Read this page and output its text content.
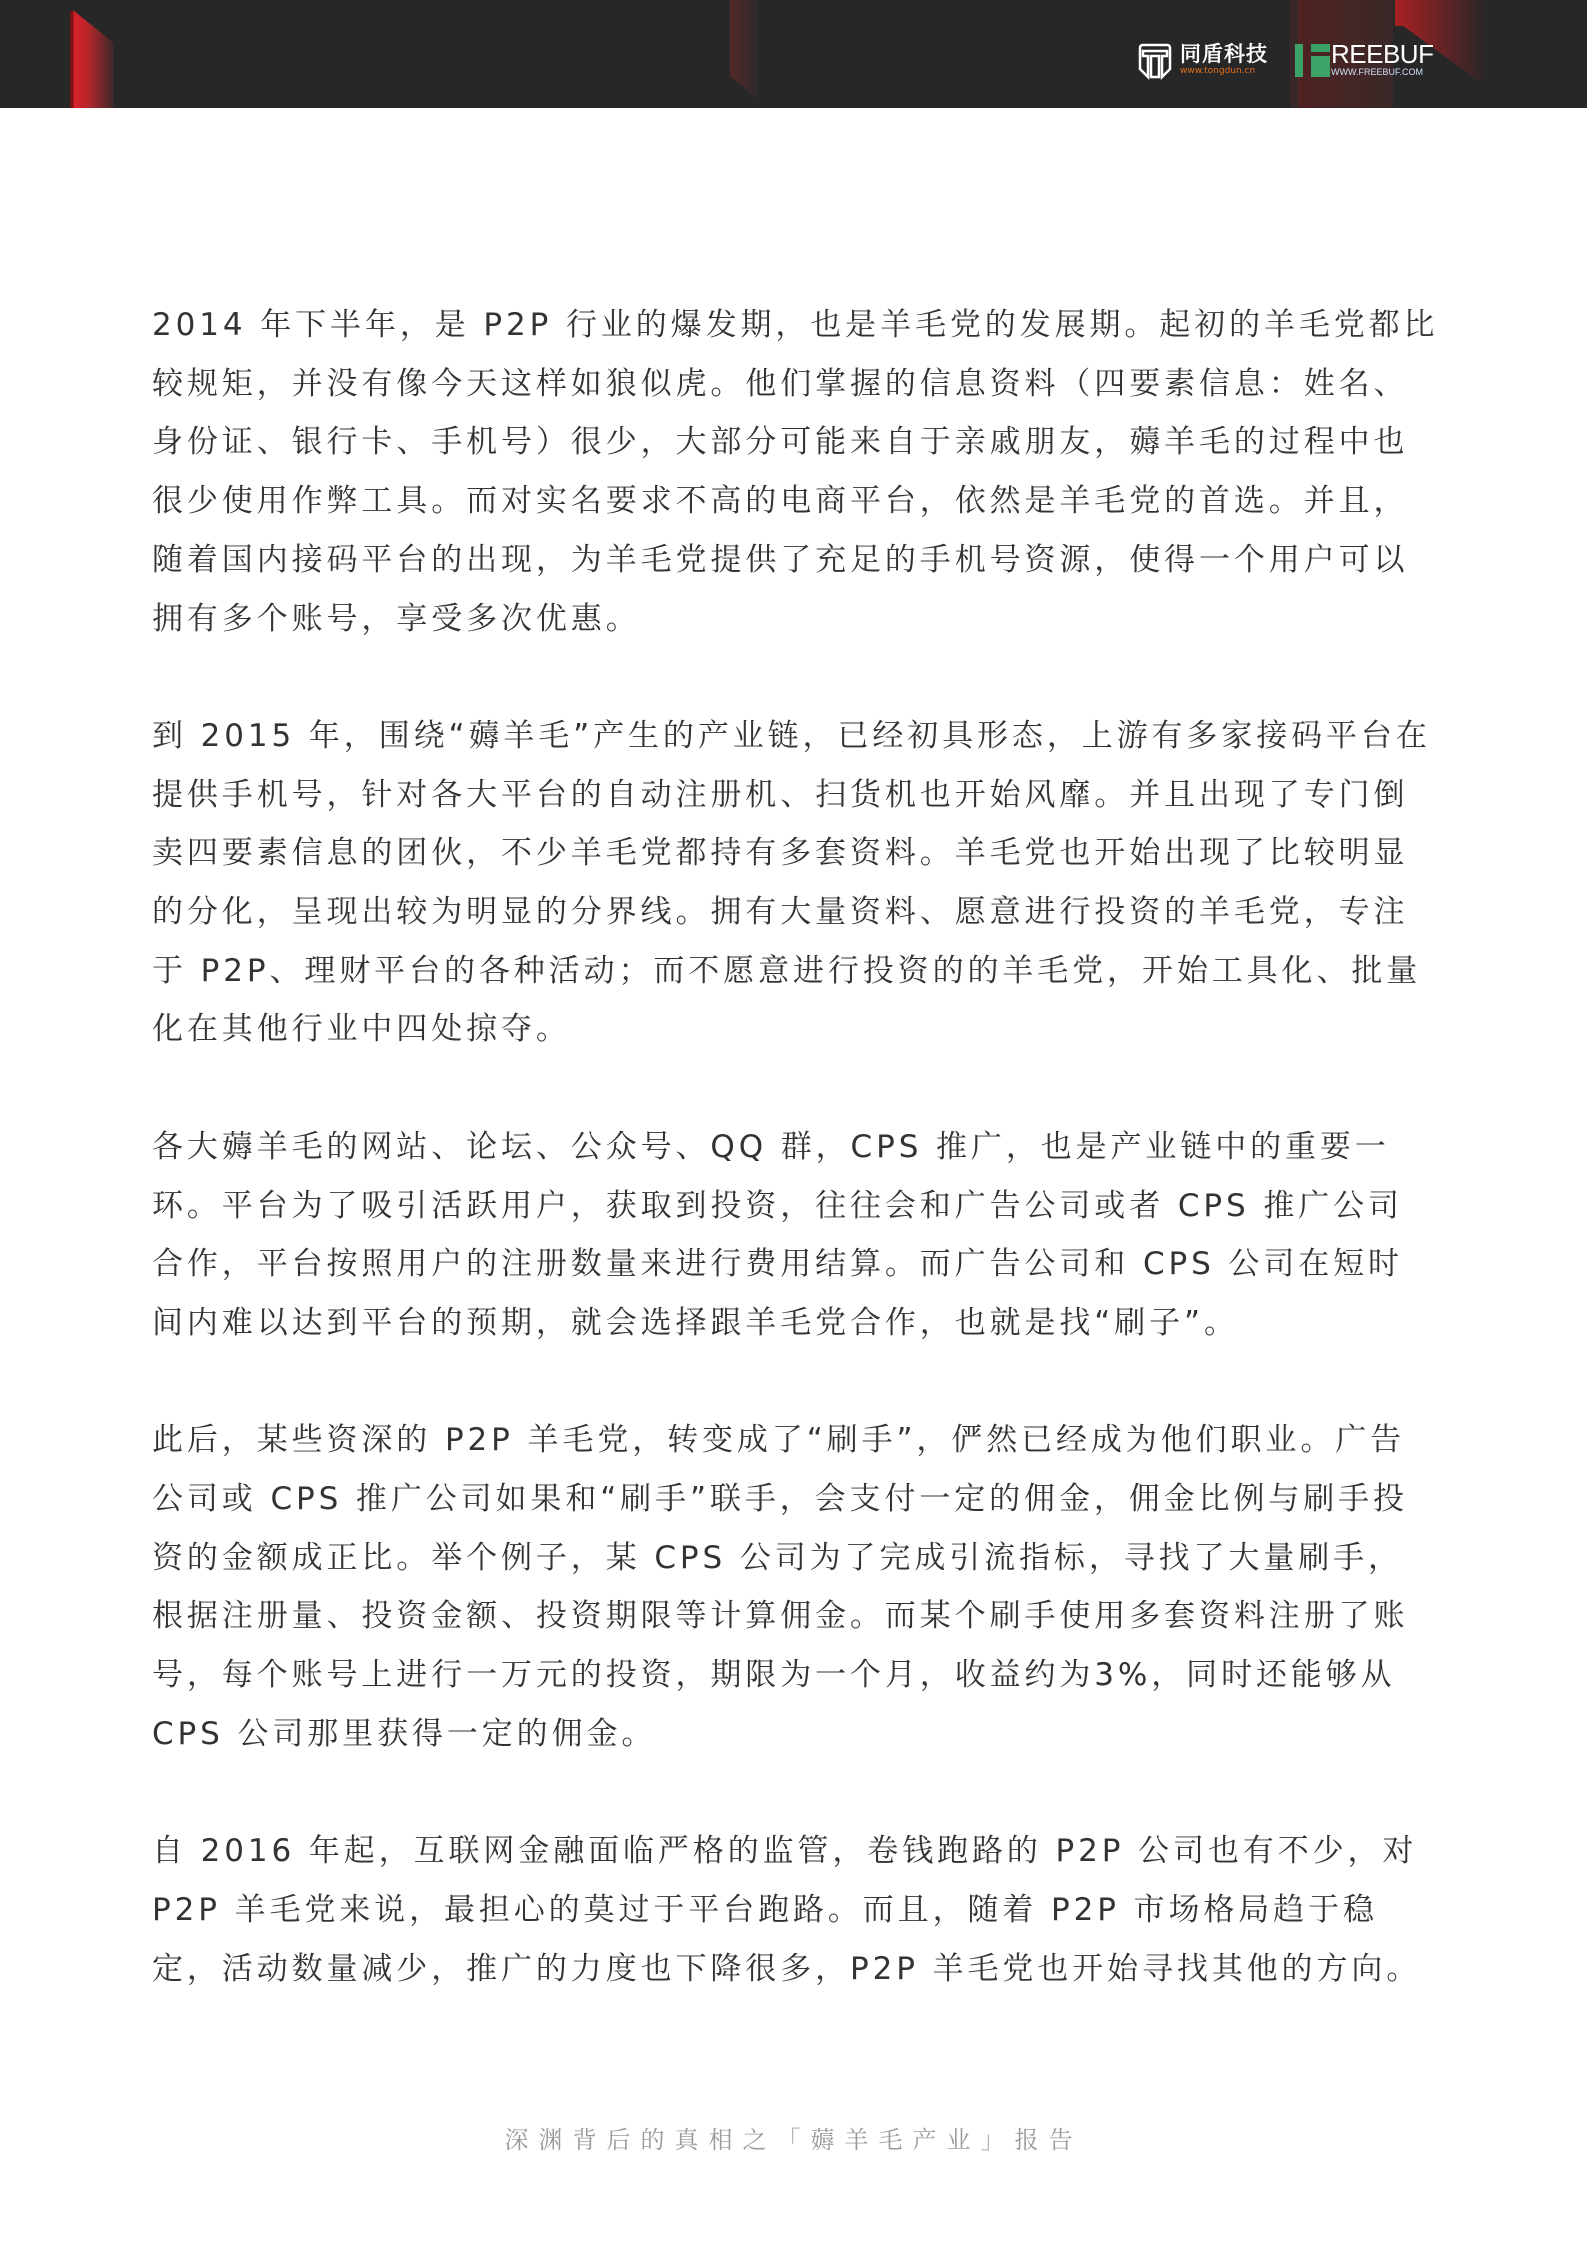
同盾科技
www.tongdun.cn
REEBUF
WWW.FREEBUF.COM
2014 年下半年，是 P2P 行业的爆发期，也是羊毛党的发展期。起初的羊毛党都比
较规矩，并没有像今天这样如狼似虎。他们掌握的信息资料（四要素信息：姓名、
身份证、银行卡、手机号）很少，大部分可能来自于亲戚朋友，薅羊毛的过程中也
很少使用作弊工具。而对实名要求不高的电商平台，依然是羊毛党的首选。并且，
随着国内接码平台的出现，为羊毛党提供了充足的手机号资源，使得一个用户可以
拥有多个账号，享受多次优惠。
到 2015 年，围绕“薅羊毛”产生的产业链，已经初具形态，上游有多家接码平台在
提供手机号，针对各大平台的自动注册机、扫货机也开始风靡。并且出现了专门倒
卖四要素信息的团伙，不少羊毛党都持有多套资料。羊毛党也开始出现了比较明显
的分化，呈现出较为明显的分界线。拥有大量资料、愿意进行投资的羊毛党，专注
于 P2P、理财平台的各种活动；而不愿意进行投资的的羊毛党，开始工具化、批量
化在其他行业中四处掠夺。
各大薅羊毛的网站、论坛、公众号、QQ 群，CPS 推广，也是产业链中的重要一
环。平台为了吸引活跃用户，获取到投资，往往会和广告公司或者 CPS 推广公司
合作，平台按照用户的注册数量来进行费用结算。而广告公司和 CPS 公司在短时
间内难以达到平台的预期，就会选择跟羊毛党合作，也就是找“刷子”。
此后，某些资深的 P2P 羊毛党，转变成了“刷手”，俨然已经成为他们职业。广告
公司或 CPS 推广公司如果和“刷手”联手，会支付一定的佣金，佣金比例与刷手投
资的金额成正比。举个例子，某 CPS 公司为了完成引流指标，寻找了大量刷手，
根据注册量、投资金额、投资期限等计算佣金。而某个刷手使用多套资料注册了账
号，每个账号上进行一万元的投资，期限为一个月，收益约为3%，同时还能够从
CPS 公司那里获得一定的佣金。
自 2016 年起，互联网金融面临严格的监管，卷钱跑路的 P2P 公司也有不少，对
P2P 羊毛党来说，最担心的莫过于平台跑路。而且，随着 P2P 市场格局趋于稳
定，活动数量减少，推广的力度也下降很多，P2P 羊毛党也开始寻找其他的方向。
深渊背后的真相之「薅羊毛产业」报告
